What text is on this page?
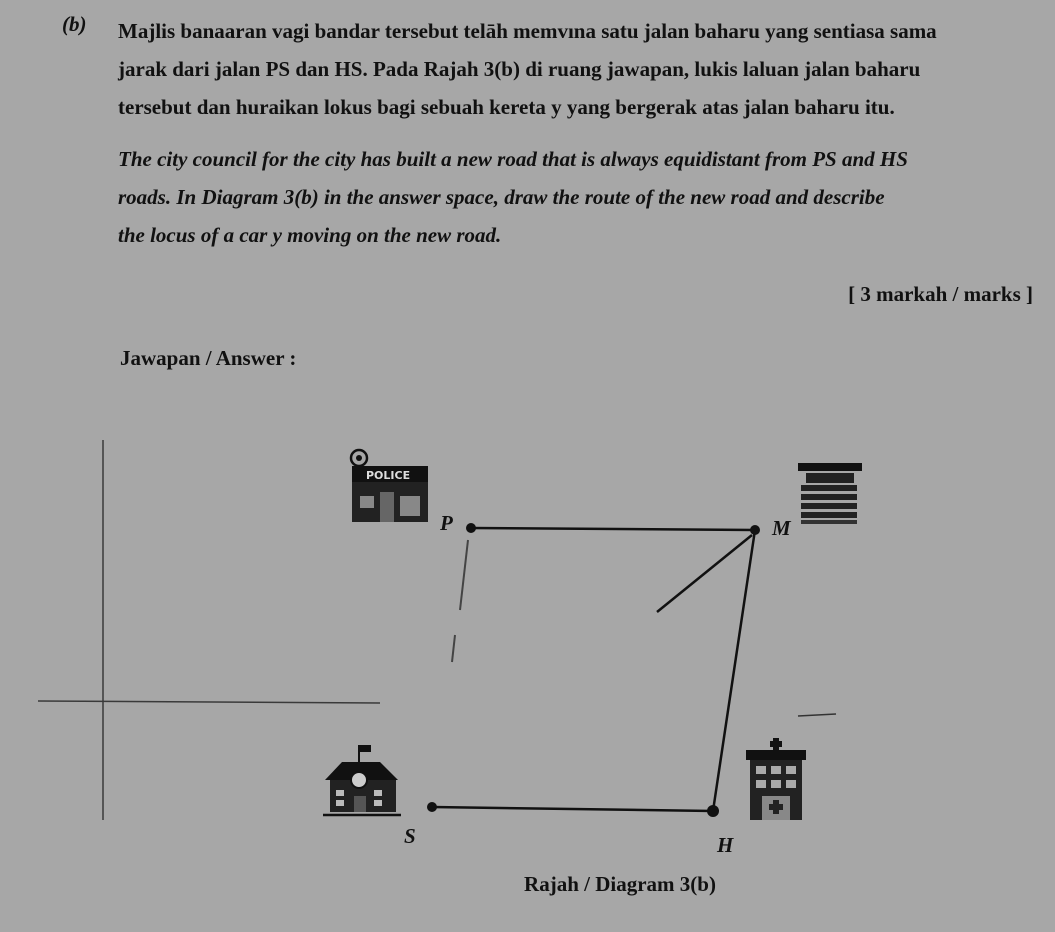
(b) Majlis banaaran vagi bandar tersebut telāh memvına satu jalan baharu yang sentiasa sama
jarak dari jalan PS dan HS. Pada Rajah 3(b) di ruang jawapan, lukis laluan jalan baharu
tersebut dan huraikan lokus bagi sebuah kereta y yang bergerak atas jalan baharu itu.
The city council for the city has built a new road that is always equidistant from PS and HS
roads. In Diagram 3(b) in the answer space, draw the route of the new road and describe
the locus of a car y moving on the new road.
[ 3 markah / marks ]
Jawapan / Answer :
P	M
H
S
POLICE
Rajah / Diagram 3(b)
